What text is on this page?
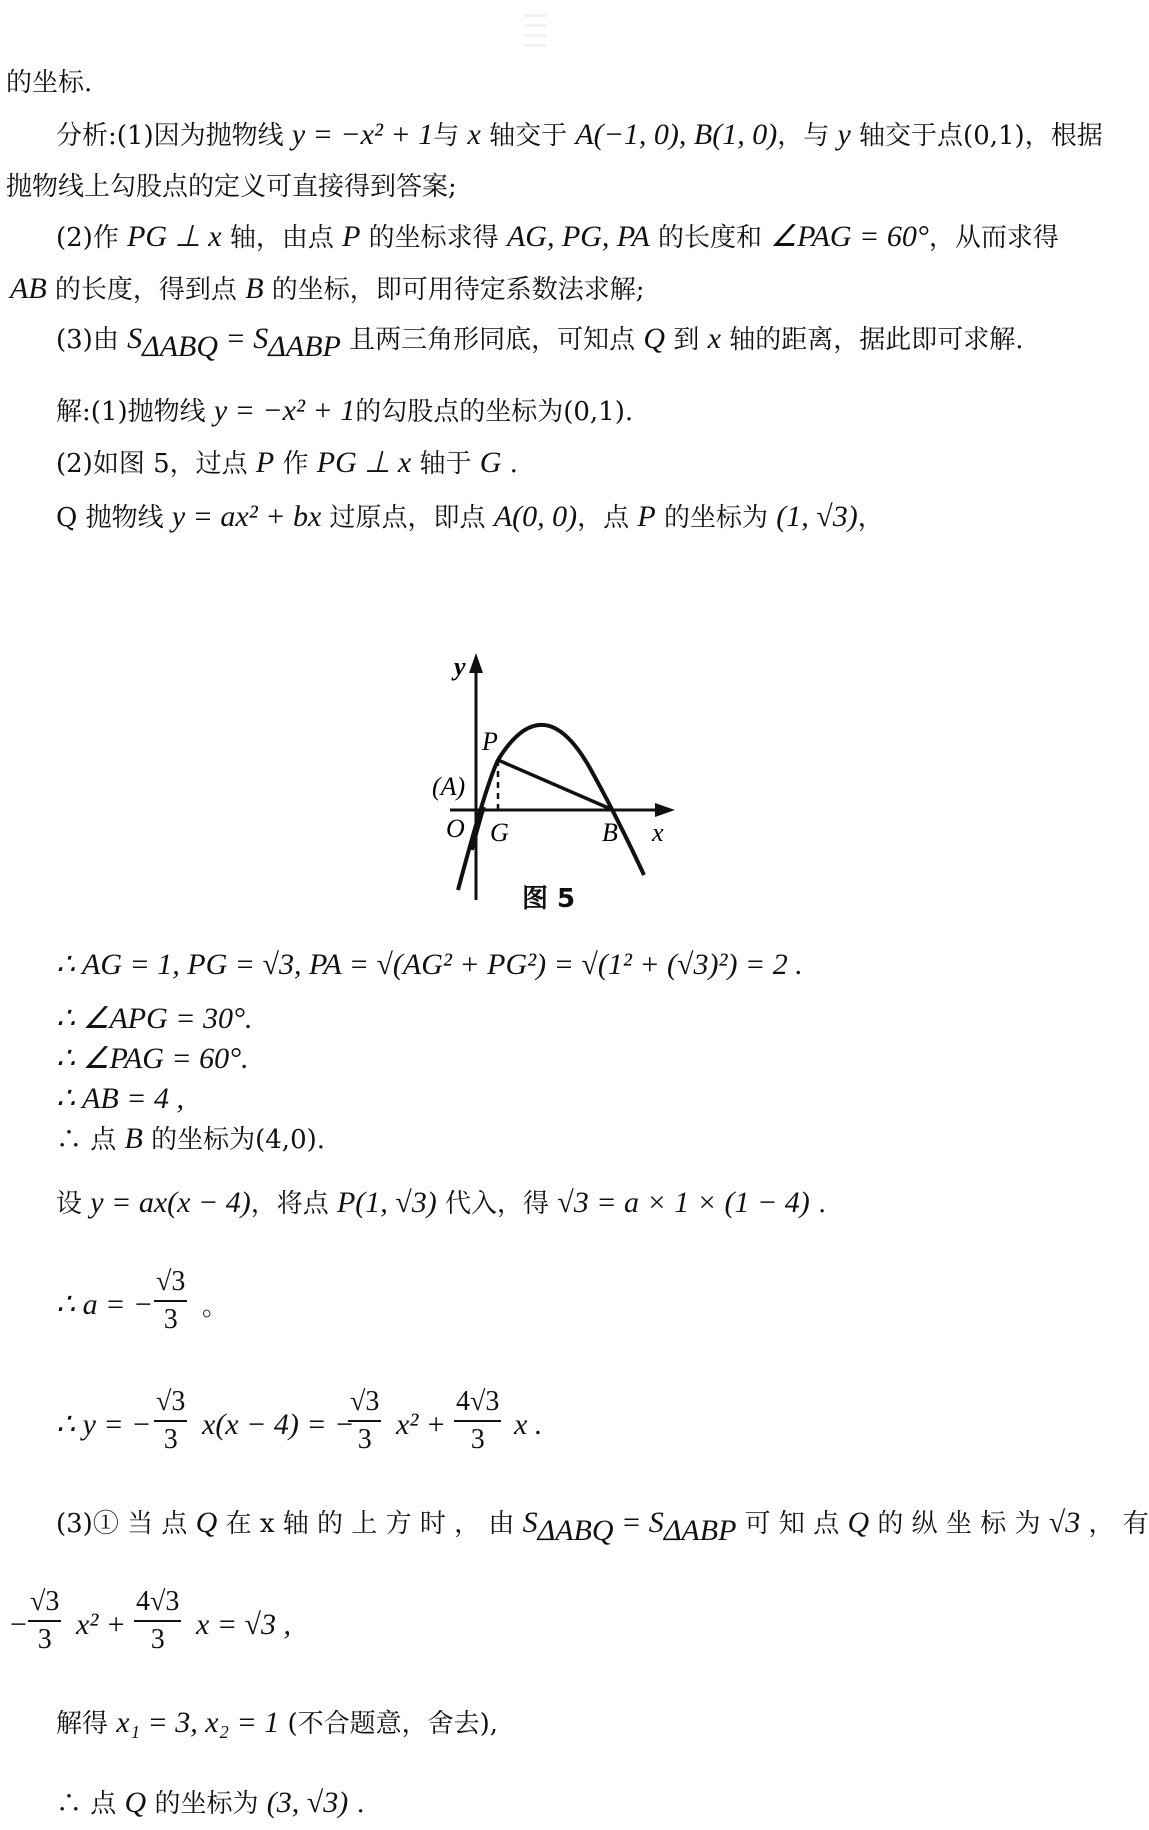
的坐标.
分析:(1)因为抛物线 y = −x² + 1与 x 轴交于 A(−1, 0), B(1, 0)，与 y 轴交于点(0,1)，根据
抛物线上勾股点的定义可直接得到答案;
(2)作 PG ⊥ x 轴，由点 P 的坐标求得 AG, PG, PA 的长度和 ∠PAG = 60°，从而求得
AB 的长度，得到点 B 的坐标，即可用待定系数法求解;
(3)由 $S_{\Delta ABQ} = S_{\Delta ABP}$ 且两三角形同底，可知点 Q 到 x 轴的距离，据此即可求解.
解:(1)抛物线 y = −x² + 1的勾股点的坐标为(0,1).
(2)如图 5，过点 P 作 PG ⊥ x 轴于 G .
Q 抛物线 y = ax² + bx 过原点，即点 A(0, 0)，点 P 的坐标为 (1, √3)，
y
P
(A)
O G	B x
图 5
∴ AG = 1, PG = √3, PA = √(AG² + PG²) = √(1² + (√3)²) = 2 .
∴ ∠APG = 30°.
∴ ∠PAG = 60°.
∴ AB = 4 ,
∴ 点 B 的坐标为(4,0).
设 y = ax(x − 4)，将点 P(1, √3) 代入，得 √3 = a × 1 × (1 − 4) .
∴ a = − $\frac{√3}{3}$ 。
∴ y = − $\frac{√3}{3} x(x - 4)$ = −
$\frac{√3}{3} x^2 + \frac{4√3}{3}$ x .
(3)① 当 点 Q 在 x 轴 的 上 方 时 ， 由 $S_{\Delta ABQ} = S_{\Delta ABP}$ 可 知 点 Q 的 纵 坐 标 为 √3 ， 有
− $\frac{√3}{3} x^2 + \frac{4√3}{3}$ x = √3 ,
解得 x₁ = 3, x₂ = 1 (不合题意，舍去),
∴ 点 Q 的坐标为 (3, √3) .
